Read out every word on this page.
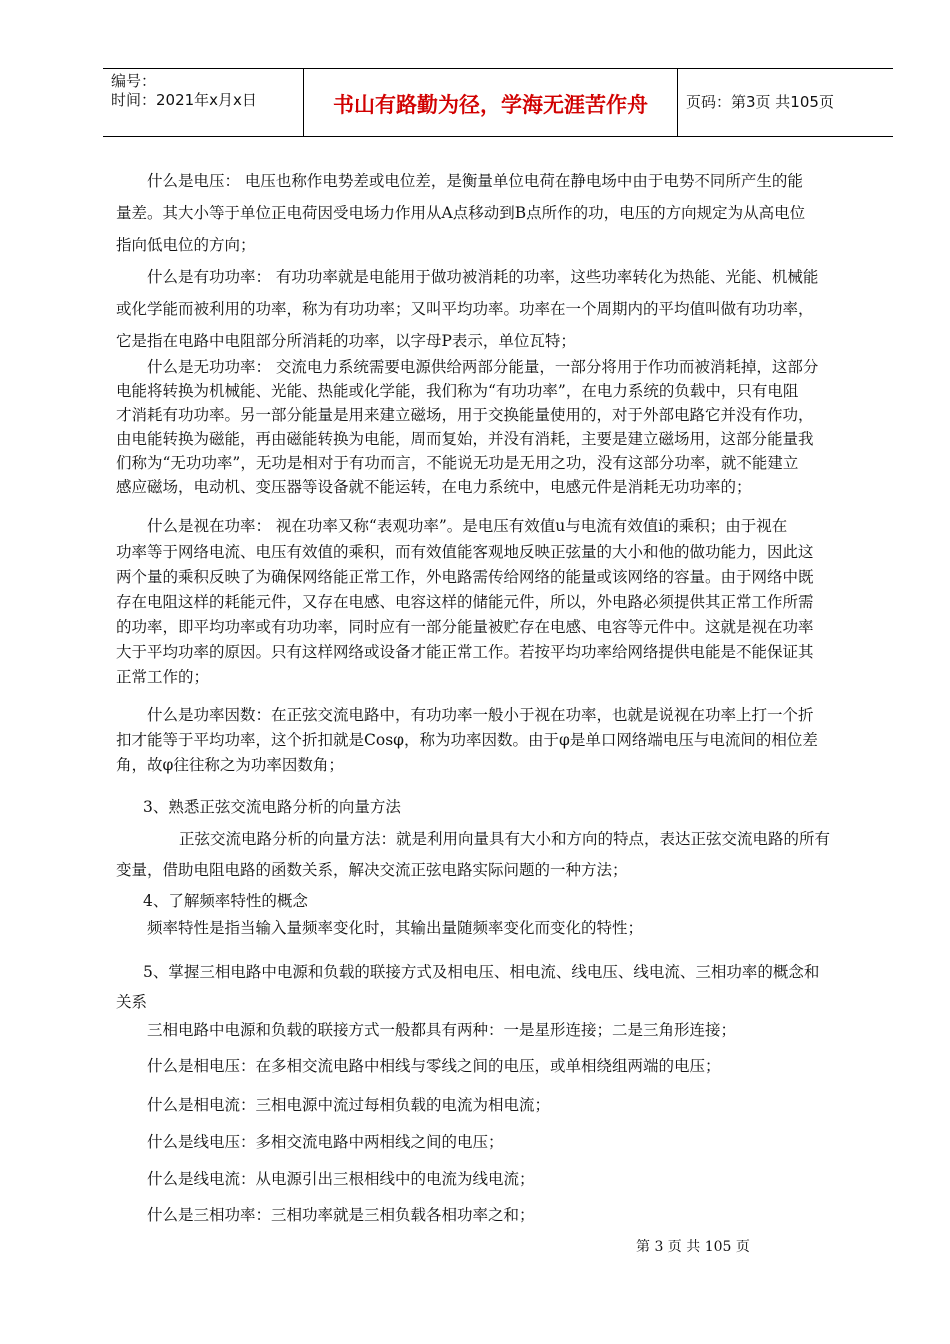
编号：
时间：2021年x月x日	书山有路勤为径，学海无涯苦作舟	页码：第3页 共105页
什么是电压： 电压也称作电势差或电位差，是衡量单位电荷在静电场中由于电势不同所产生的能
量差。其大小等于单位正电荷因受电场力作用从A点移动到B点所作的功，电压的方向规定为从高电位
指向低电位的方向；
什么是有功功率： 有功功率就是电能用于做功被消耗的功率，这些功率转化为热能、光能、机械能
或化学能而被利用的功率，称为有功功率；又叫平均功率。功率在一个周期内的平均值叫做有功功率，
它是指在电路中电阻部分所消耗的功率，以字母P表示，单位瓦特；
什么是无功功率： 交流电力系统需要电源供给两部分能量，一部分将用于作功而被消耗掉，这部分
电能将转换为机械能、光能、热能或化学能，我们称为“有功功率”，在电力系统的负载中，只有电阻
才消耗有功功率。另一部分能量是用来建立磁场，用于交换能量使用的，对于外部电路它并没有作功，
由电能转换为磁能，再由磁能转换为电能，周而复始，并没有消耗，主要是建立磁场用，这部分能量我
们称为“无功功率”，无功是相对于有功而言，不能说无功是无用之功，没有这部分功率，就不能建立
感应磁场，电动机、变压器等设备就不能运转，在电力系统中，电感元件是消耗无功功率的；
什么是视在功率： 视在功率又称“表观功率”。是电压有效值u与电流有效值i的乘积；由于视在
功率等于网络电流、电压有效值的乘积，而有效值能客观地反映正弦量的大小和他的做功能力，因此这
两个量的乘积反映了为确保网络能正常工作，外电路需传给网络的能量或该网络的容量。由于网络中既
存在电阻这样的耗能元件，又存在电感、电容这样的储能元件，所以，外电路必须提供其正常工作所需
的功率，即平均功率或有功功率，同时应有一部分能量被贮存在电感、电容等元件中。这就是视在功率
大于平均功率的原因。只有这样网络或设备才能正常工作。若按平均功率给网络提供电能是不能保证其
正常工作的；
什么是功率因数：在正弦交流电路中，有功功率一般小于视在功率，也就是说视在功率上打一个折
扣才能等于平均功率，这个折扣就是Cosφ，称为功率因数。由于φ是单口网络端电压与电流间的相位差
角，故φ往往称之为功率因数角；
3、熟悉正弦交流电路分析的向量方法
正弦交流电路分析的向量方法：就是利用向量具有大小和方向的特点，表达正弦交流电路的所有
变量，借助电阻电路的函数关系，解决交流正弦电路实际问题的一种方法；
4、了解频率特性的概念
频率特性是指当输入量频率变化时，其输出量随频率变化而变化的特性；
5、掌握三相电路中电源和负载的联接方式及相电压、相电流、线电压、线电流、三相功率的概念和
关系
三相电路中电源和负载的联接方式一般都具有两种：一是星形连接；二是三角形连接；
什么是相电压：在多相交流电路中相线与零线之间的电压，或单相绕组两端的电压；
什么是相电流：三相电源中流过每相负载的电流为相电流；
什么是线电压：多相交流电路中两相线之间的电压；
什么是线电流：从电源引出三根相线中的电流为线电流；
什么是三相功率：三相功率就是三相负载各相功率之和；
第 3 页 共 105 页
